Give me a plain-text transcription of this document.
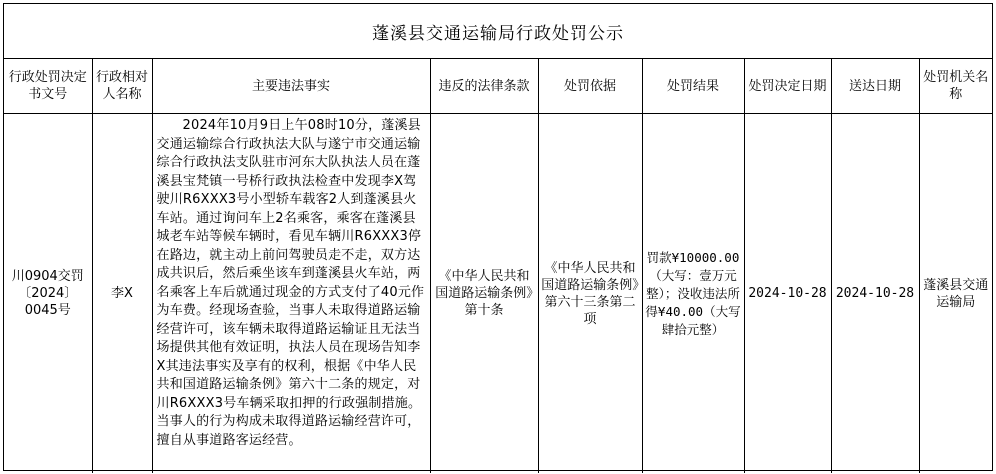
蓬溪县交通运输局行政处罚公示
行政处罚决定书文号	行政相对人名称	主要违法事实	违反的法律条款	处罚依据	处罚结果	处罚决定日期	送达日期	处罚机关名称
川0904交罚〔2024〕0045号	李X	2024年10月9日上午08时10分，蓬溪县交通运输综合行政执法大队与遂宁市交通运输综合行政执法支队驻市河东大队执法人员在蓬溪县宝梵镇一号桥行政执法检查中发现李X驾驶川R6XXX3号小型轿车载客2人到蓬溪县火车站。通过询问车上2名乘客，乘客在蓬溪县城老车站等候车辆时，看见车辆川R6XXX3停在路边，就主动上前问驾驶员走不走，双方达成共识后，然后乘坐该车到蓬溪县火车站，两名乘客上车后就通过现金的方式支付了40元作为车费。经现场查验，当事人未取得道路运输经营许可，该车辆未取得道路运输证且无法当场提供其他有效证明，执法人员在现场告知李X其违法事实及享有的权利，根据《中华人民共和国道路运输条例》第六十二条的规定，对川R6XXX3号车辆采取扣押的行政强制措施。当事人的行为构成未取得道路运输经营许可，擅自从事道路客运经营。	《中华人民共和国道路运输条例》第十条	《中华人民共和国道路运输条例》第六十三条第二项	罚款¥10000.00（大写：壹万元整）；没收违法所得¥40.00（大写肆拾元整）	2024-10-28	2024-10-28	蓬溪县交通运输局
